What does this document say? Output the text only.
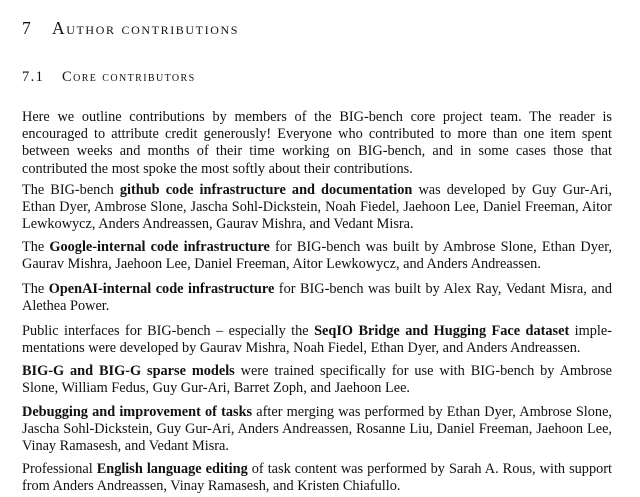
7 Author contributions
7.1 Core contributors

Here we outline contributions by members of the BIG-bench core project team. The reader is encouraged to attribute credit generously! Everyone who contributed to more than one item spent between weeks and months of their time working on BIG-bench, and in some cases those that contributed the most spoke the most softly about their contributions.

The BIG-bench github code infrastructure and documentation was developed by Guy Gur-Ari, Ethan Dyer, Ambrose Slone, Jascha Sohl-Dickstein, Noah Fiedel, Jaehoon Lee, Daniel Freeman, Aitor Lewkowycz, Anders Andreassen, Gaurav Mishra, and Vedant Misra.

The Google-internal code infrastructure for BIG-bench was built by Ambrose Slone, Ethan Dyer, Gaurav Mishra, Jaehoon Lee, Daniel Freeman, Aitor Lewkowycz, and Anders Andreassen.

The OpenAI-internal code infrastructure for BIG-bench was built by Alex Ray, Vedant Misra, and Alethea Power.

Public interfaces for BIG-bench – especially the SeqIO Bridge and Hugging Face dataset implementations were developed by Gaurav Mishra, Noah Fiedel, Ethan Dyer, and Anders Andreassen.

BIG-G and BIG-G sparse models were trained specifically for use with BIG-bench by Ambrose Slone, William Fedus, Guy Gur-Ari, Barret Zoph, and Jaehoon Lee.

Debugging and improvement of tasks after merging was performed by Ethan Dyer, Ambrose Slone, Jascha Sohl-Dickstein, Guy Gur-Ari, Anders Andreassen, Rosanne Liu, Daniel Freeman, Jaehoon Lee, Vinay Ramasesh, and Vedant Misra.

Professional English language editing of task content was performed by Sarah A. Rous, with support from Anders Andreassen, Vinay Ramasesh, and Kristen Chiafullo.
